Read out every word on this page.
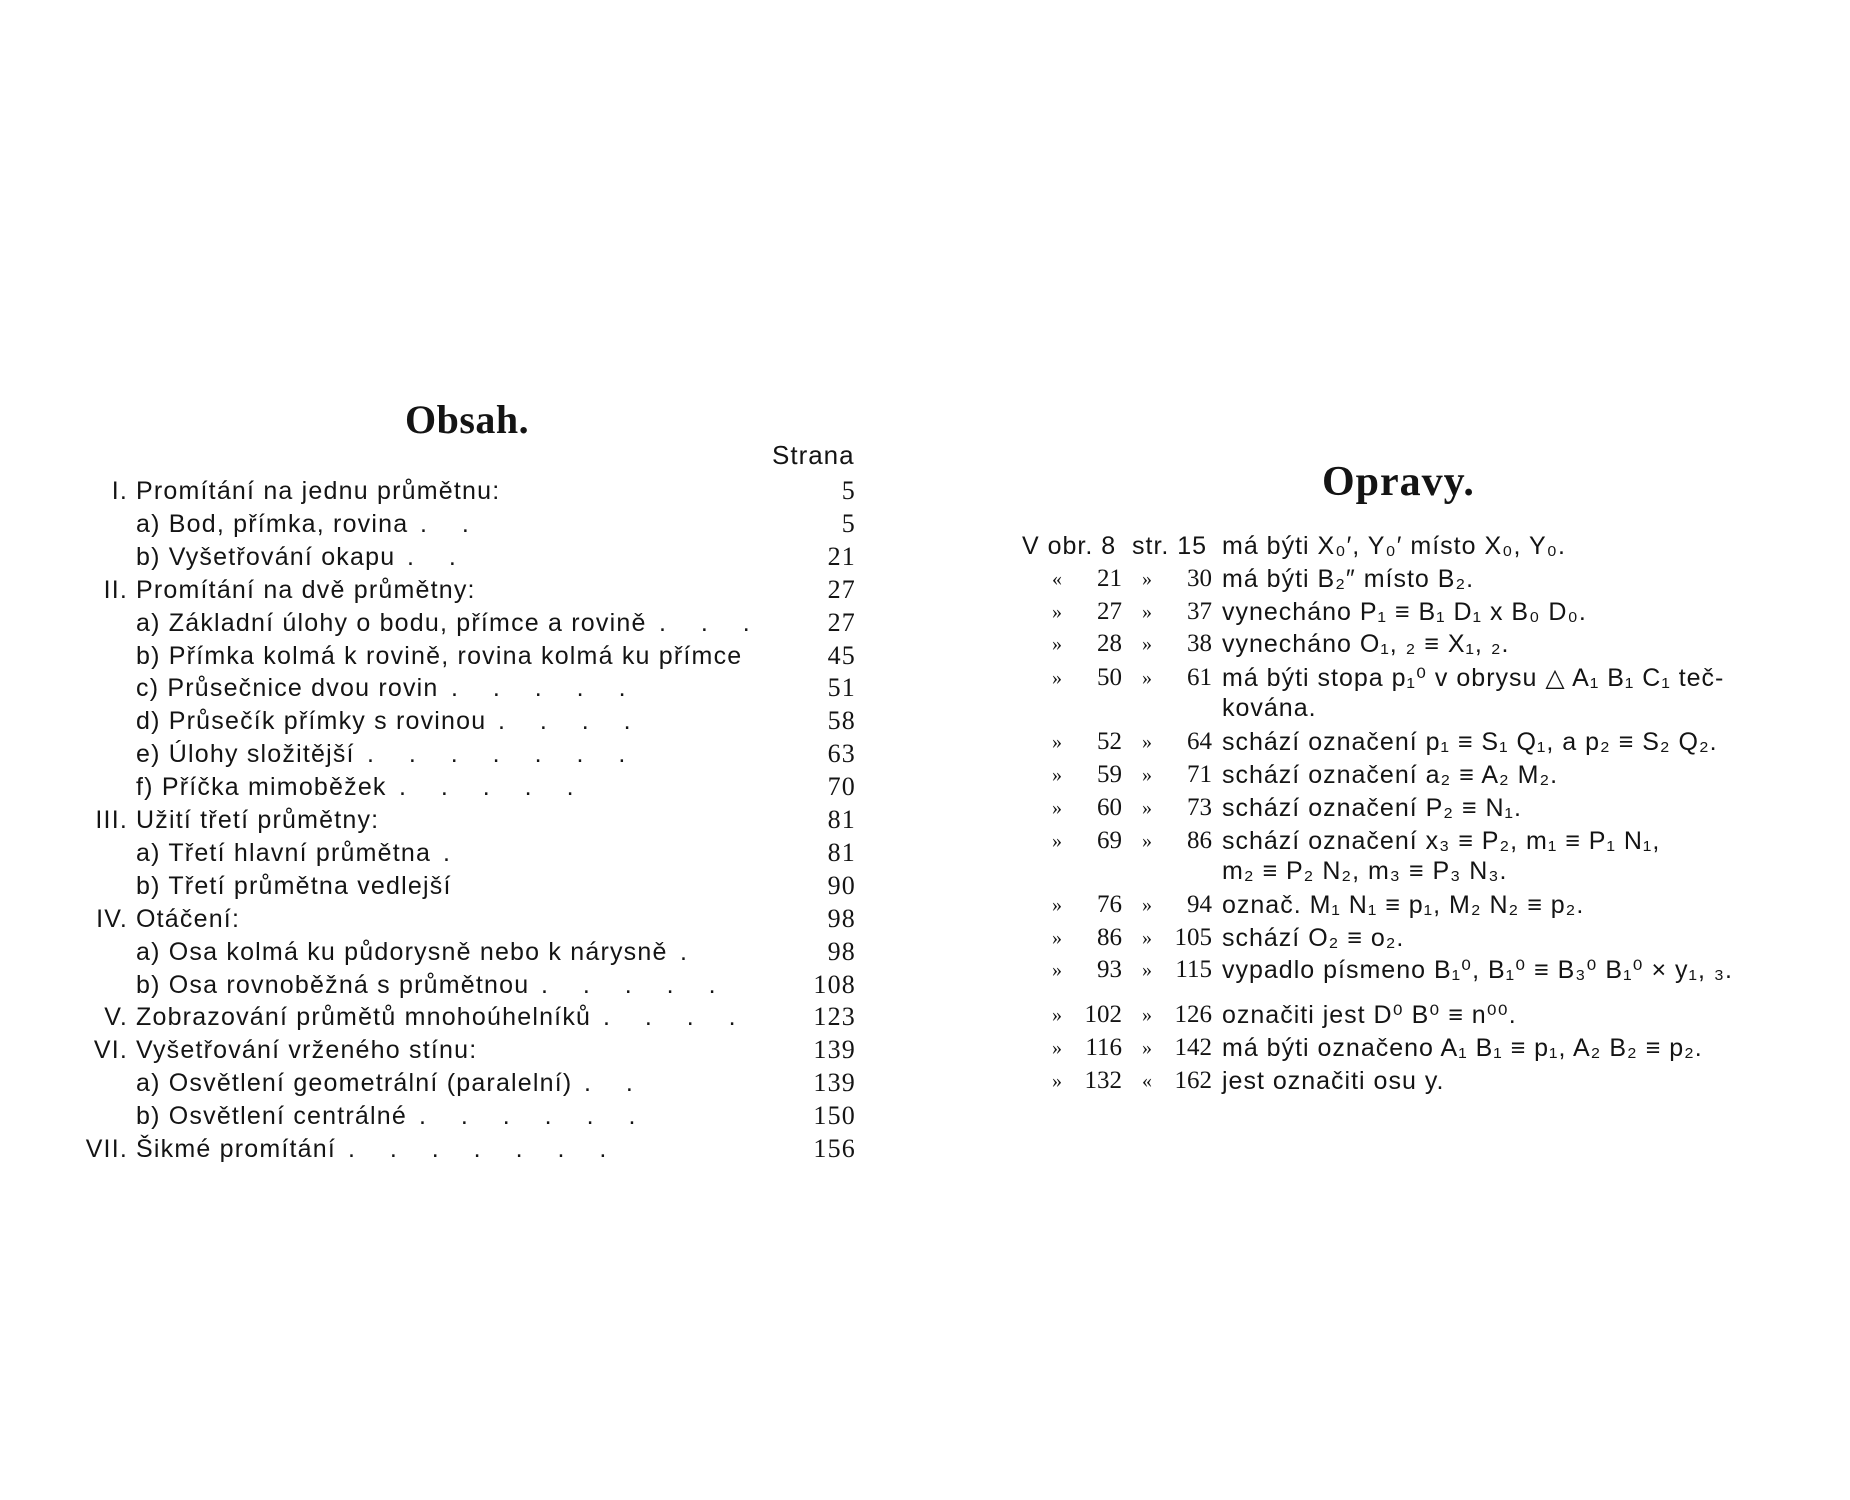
Obsah.
Strana
I. Promítání na jednu průmětnu:	5
a) Bod, přímka, rovina . .	5
b) Vyšetřování okapu . .	21
II. Promítání na dvě průmětny:	27
a) Základní úlohy o bodu, přímce a rovině . . . 27
b) Přímka kolmá k rovině, rovina kolmá ku přímce	45
c) Průsečnice dvou rovin . . . . .	51
d) Průsečík přímky s rovinou . . . .	58
e) Úlohy složitější . . . . . . .	63
f) Příčka mimoběžek . . . . .	70
III. Užití třetí průmětny:	81
a) Třetí hlavní průmětna .	81
b) Třetí průmětna vedlejší	90
IV. Otáčení:	98
a) Osa kolmá ku půdorysně nebo k nárysně .	98
b) Osa rovnoběžná s průmětnou . . . . .	108
V. Zobrazování průmětů mnohoúhelníků . . . . 123
VI. Vyšetřování vrženého stínu:	139
a) Osvětlení geometrální (paralelní) . .	139
b) Osvětlení centrálné . . . . . .	150
VII. Šikmé promítání . . . . . . .	156
Opravy.
V obr. 8 str. 15 má býti X₀′, Y₀′ místo X₀, Y₀.
«	21 »	30 má býti B₂″ místo B₂.
»	27 »	37 vynecháno P₁ ≡ B₁ D₁ x B₀ D₀.
»	28 »	38 vynecháno O₁, ₂ ≡ X₁, ₂.
»	50 »	61 má býti stopa p₁⁰ v obrysu △ A₁ B₁ C₁ teč-
kována.
»	52 »	64 schází označení p₁ ≡ S₁ Q₁, a p₂ ≡ S₂ Q₂.
»	59 »	71 schází označení a₂ ≡ A₂ M₂.
»	60 »	73 schází označení P₂ ≡ N₁.
»	69 »	86 schází označení x₃ ≡ P₂, m₁ ≡ P₁ N₁,
m₂ ≡ P₂ N₂, m₃ ≡ P₃ N₃.
»	76 »	94 označ. M₁ N₁ ≡ p₁, M₂ N₂ ≡ p₂.
»	86 » 105 schází O₂ ≡ o₂.
»	93 » 115 vypadlo písmeno B₁⁰, B₁⁰ ≡ B₃⁰ B₁⁰ × y₁, ₃.
» 102 » 126 označiti jest D⁰ B⁰ ≡ n⁰⁰.
» 116 » 142 má býti označeno A₁ B₁ ≡ p₁, A₂ B₂ ≡ p₂.
» 132 « 162 jest označiti osu y.
